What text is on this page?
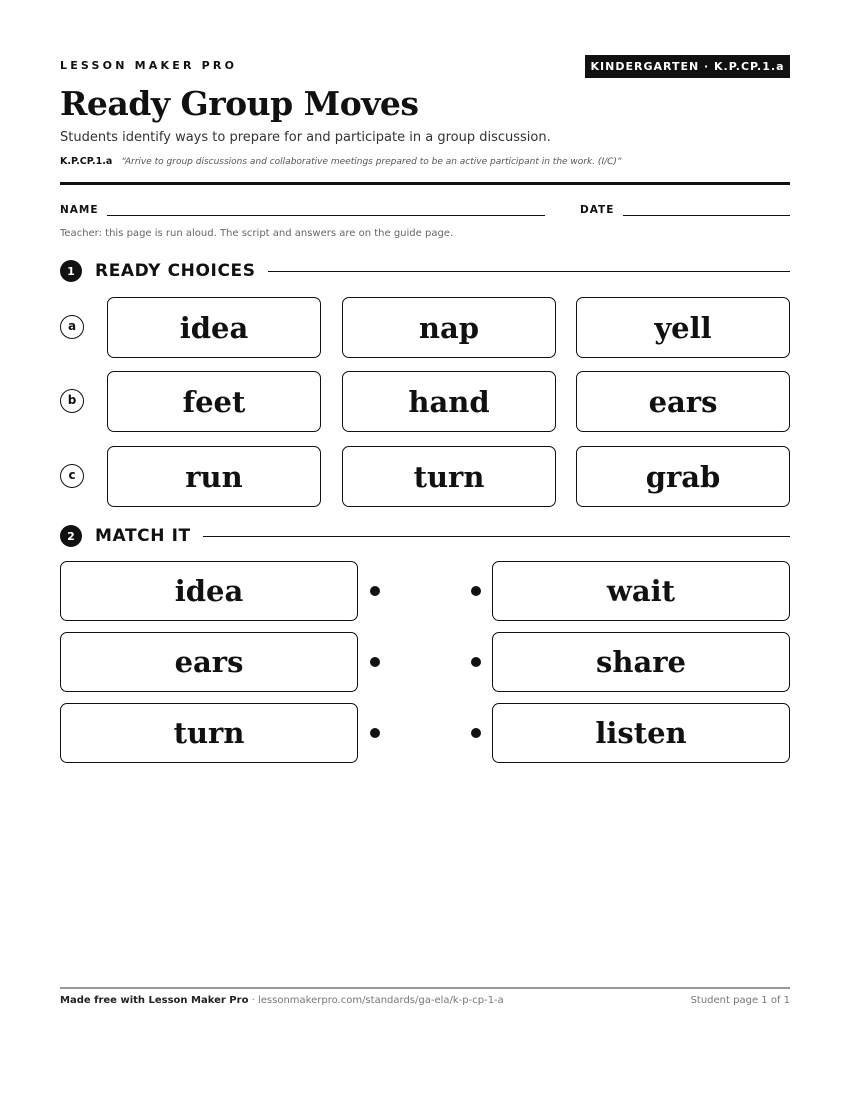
LESSON MAKER PRO	KINDERGARTEN · K.P.CP.1.a
Ready Group Moves
Students identify ways to prepare for and participate in a group discussion.
K.P.CP.1.a “Arrive to group discussions and collaborative meetings prepared to be an active participant in the work. (I/C)”
NAME	DATE
Teacher: this page is run aloud. The script and answers are on the guide page.
1	READY CHOICES
a	idea	nap	yell
b	feet	hand	ears
c	run	turn	grab
2	MATCH IT
idea	wait
ears	share
turn	listen
Made free with Lesson Maker Pro · lessonmakerpro.com/standards/ga-ela/k-p-cp-1-a	Student page 1 of 1
